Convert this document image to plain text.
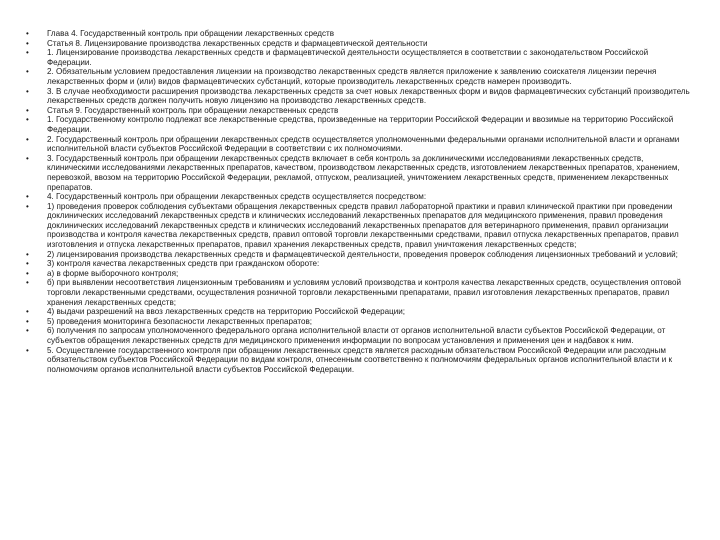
•	Глава 4. Государственный контроль при обращении лекарственных средств
•	Статья 8. Лицензирование производства лекарственных средств и фармацевтической деятельности
•	1. Лицензирование производства лекарственных средств и фармацевтической деятельности осуществляется в соответствии с законодательством Российской Федерации.
•	2. Обязательным условием предоставления лицензии на производство лекарственных средств является приложение к заявлению соискателя лицензии перечня лекарственных форм и (или) видов фармацевтических субстанций, которые производитель лекарственных средств намерен производить.
•	3. В случае необходимости расширения производства лекарственных средств за счет новых лекарственных форм и видов фармацевтических субстанций производитель лекарственных средств должен получить новую лицензию на производство лекарственных средств.
•	Статья 9. Государственный контроль при обращении лекарственных средств
•	1. Государственному контролю подлежат все лекарственные средства, произведенные на территории Российской Федерации и ввозимые на территорию Российской Федерации.
•	2. Государственный контроль при обращении лекарственных средств осуществляется уполномоченными федеральными органами исполнительной власти и органами исполнительной власти субъектов Российской Федерации в соответствии с их полномочиями.
•	3. Государственный контроль при обращении лекарственных средств включает в себя контроль за доклиническими исследованиями лекарственных средств, клиническими исследованиями лекарственных препаратов, качеством, производством лекарственных средств, изготовлением лекарственных препаратов, хранением, перевозкой, ввозом на территорию Российской Федерации, рекламой, отпуском, реализацией, уничтожением лекарственных средств, применением лекарственных препаратов.
•	4. Государственный контроль при обращении лекарственных средств осуществляется посредством:
•	1) проведения проверок соблюдения субъектами обращения лекарственных средств правил лабораторной практики и правил клинической практики при проведении доклинических исследований лекарственных средств и клинических исследований лекарственных препаратов для медицинского применения, правил проведения доклинических исследований лекарственных средств и клинических исследований лекарственных препаратов для ветеринарного применения, правил организации производства и контроля качества лекарственных средств, правил оптовой торговли лекарственными средствами, правил отпуска лекарственных препаратов, правил изготовления и отпуска лекарственных препаратов, правил хранения лекарственных средств, правил уничтожения лекарственных средств;
•	2) лицензирования производства лекарственных средств и фармацевтической деятельности, проведения проверок соблюдения лицензионных требований и условий;
•	3) контроля качества лекарственных средств при гражданском обороте:
•	а) в форме выборочного контроля;
•	б) при выявлении несоответствия лицензионным требованиям и условиям условий производства и контроля качества лекарственных средств, осуществления оптовой торговли лекарственными средствами, осуществления розничной торговли лекарственными препаратами, правил изготовления лекарственных препаратов, правил хранения лекарственных средств;
•	4) выдачи разрешений на ввоз лекарственных средств на территорию Российской Федерации;
•	5) проведения мониторинга безопасности лекарственных препаратов;
•	6) получения по запросам уполномоченного федерального органа исполнительной власти от органов исполнительной власти субъектов Российской Федерации, от субъектов обращения лекарственных средств для медицинского применения информации по вопросам установления и применения цен и надбавок к ним.
•	5. Осуществление государственного контроля при обращении лекарственных средств является расходным обязательством Российской Федерации или расходным обязательством субъектов Российской Федерации по видам контроля, отнесенным соответственно к полномочиям федеральных органов исполнительной власти и к полномочиям органов исполнительной власти субъектов Российской Федерации.
